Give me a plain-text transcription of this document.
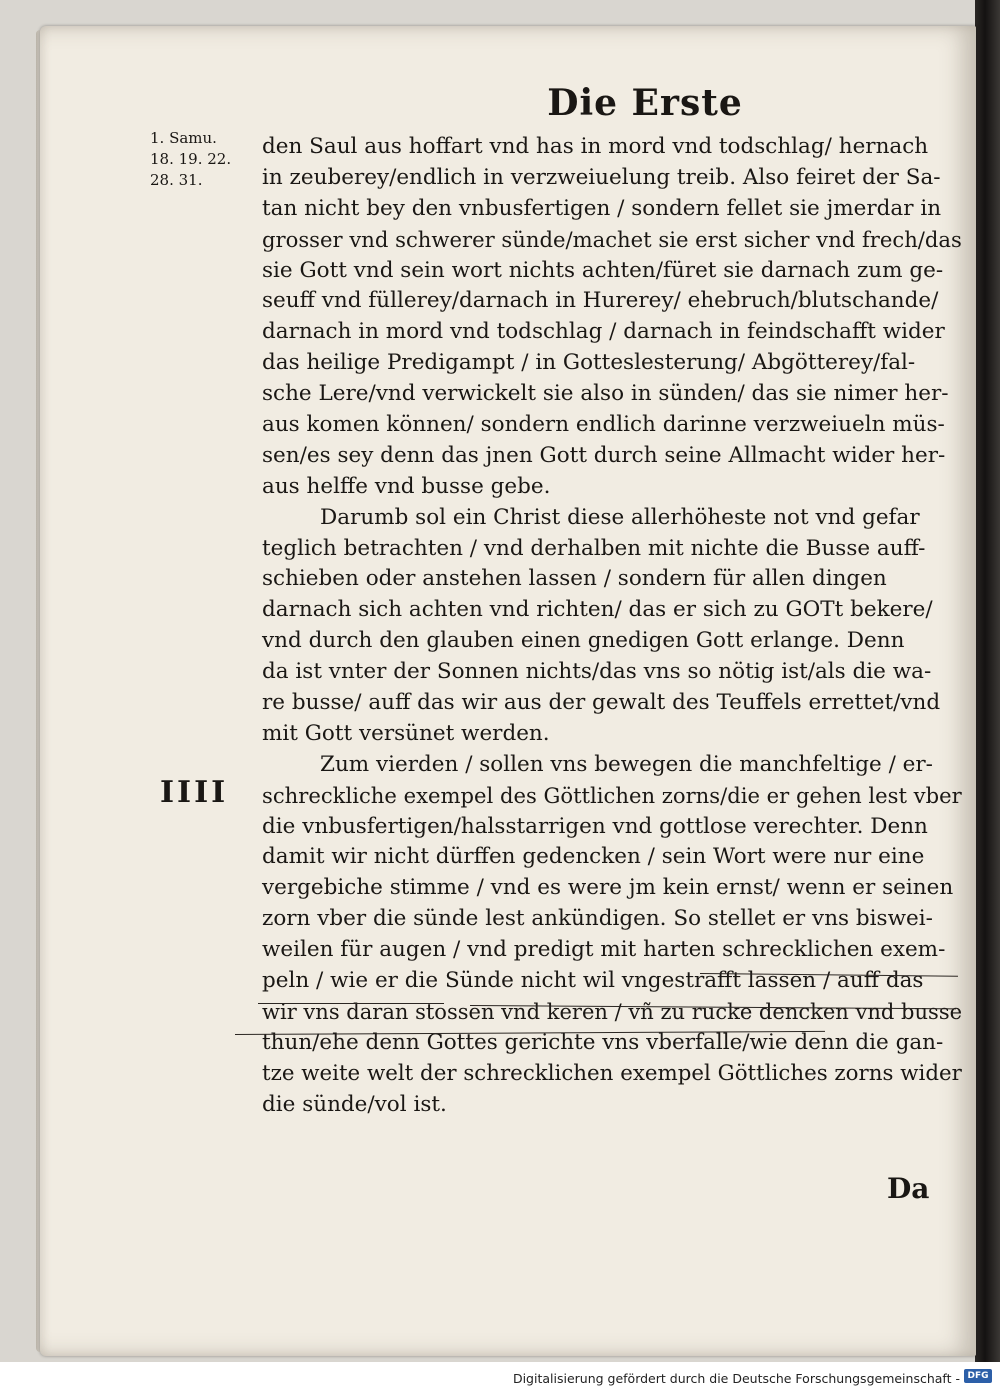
Die Erste
1. Samu.
18. 19. 22.
28. 31.
IIII
den Saul aus hoffart vnd has in mord vnd todschlag/ hernach
in zeuberey/endlich in verzweiuelung treib. Also feiret der Sa-
tan nicht bey den vnbusfertigen / sondern fellet sie jmerdar in
grosser vnd schwerer sünde/machet sie erst sicher vnd frech/das
sie Gott vnd sein wort nichts achten/füret sie darnach zum ge-
seuff vnd füllerey/darnach in Hurerey/ ehebruch/blutschande/
darnach in mord vnd todschlag / darnach in feindschafft wider
das heilige Predigampt / in Gotteslesterung/ Abgötterey/fal-
sche Lere/vnd verwickelt sie also in sünden/ das sie nimer her-
aus komen können/ sondern endlich darinne verzweiueln müs-
sen/es sey denn das jnen Gott durch seine Allmacht wider her-
aus helffe vnd busse gebe.
Darumb sol ein Christ diese allerhöheste not vnd gefar
teglich betrachten / vnd derhalben mit nichte die Busse auff-
schieben oder anstehen lassen / sondern für allen dingen
darnach sich achten vnd richten/ das er sich zu GOTt bekere/
vnd durch den glauben einen gnedigen Gott erlange. Denn
da ist vnter der Sonnen nichts/das vns so nötig ist/als die wa-
re busse/ auff das wir aus der gewalt des Teuffels errettet/vnd
mit Gott versünet werden.
Zum vierden / sollen vns bewegen die manchfeltige / er-
schreckliche exempel des Göttlichen zorns/die er gehen lest vber
die vnbusfertigen/halsstarrigen vnd gottlose verechter. Denn
damit wir nicht dürffen gedencken / sein Wort were nur eine
vergebiche stimme / vnd es were jm kein ernst/ wenn er seinen
zorn vber die sünde lest ankündigen. So stellet er vns biswei-
weilen für augen / vnd predigt mit harten schrecklichen exem-
peln / wie er die Sünde nicht wil vngestrafft lassen / auff das
wir vns daran stossen vnd keren / vñ zu rucke dencken vnd busse
thun/ehe denn Gottes gerichte vns vberfalle/wie denn die gan-
tze weite welt der schrecklichen exempel Göttliches zorns wider
die sünde/vol ist.
Da
Digitalisierung gefördert durch die Deutsche Forschungsgemeinschaft - DFG
